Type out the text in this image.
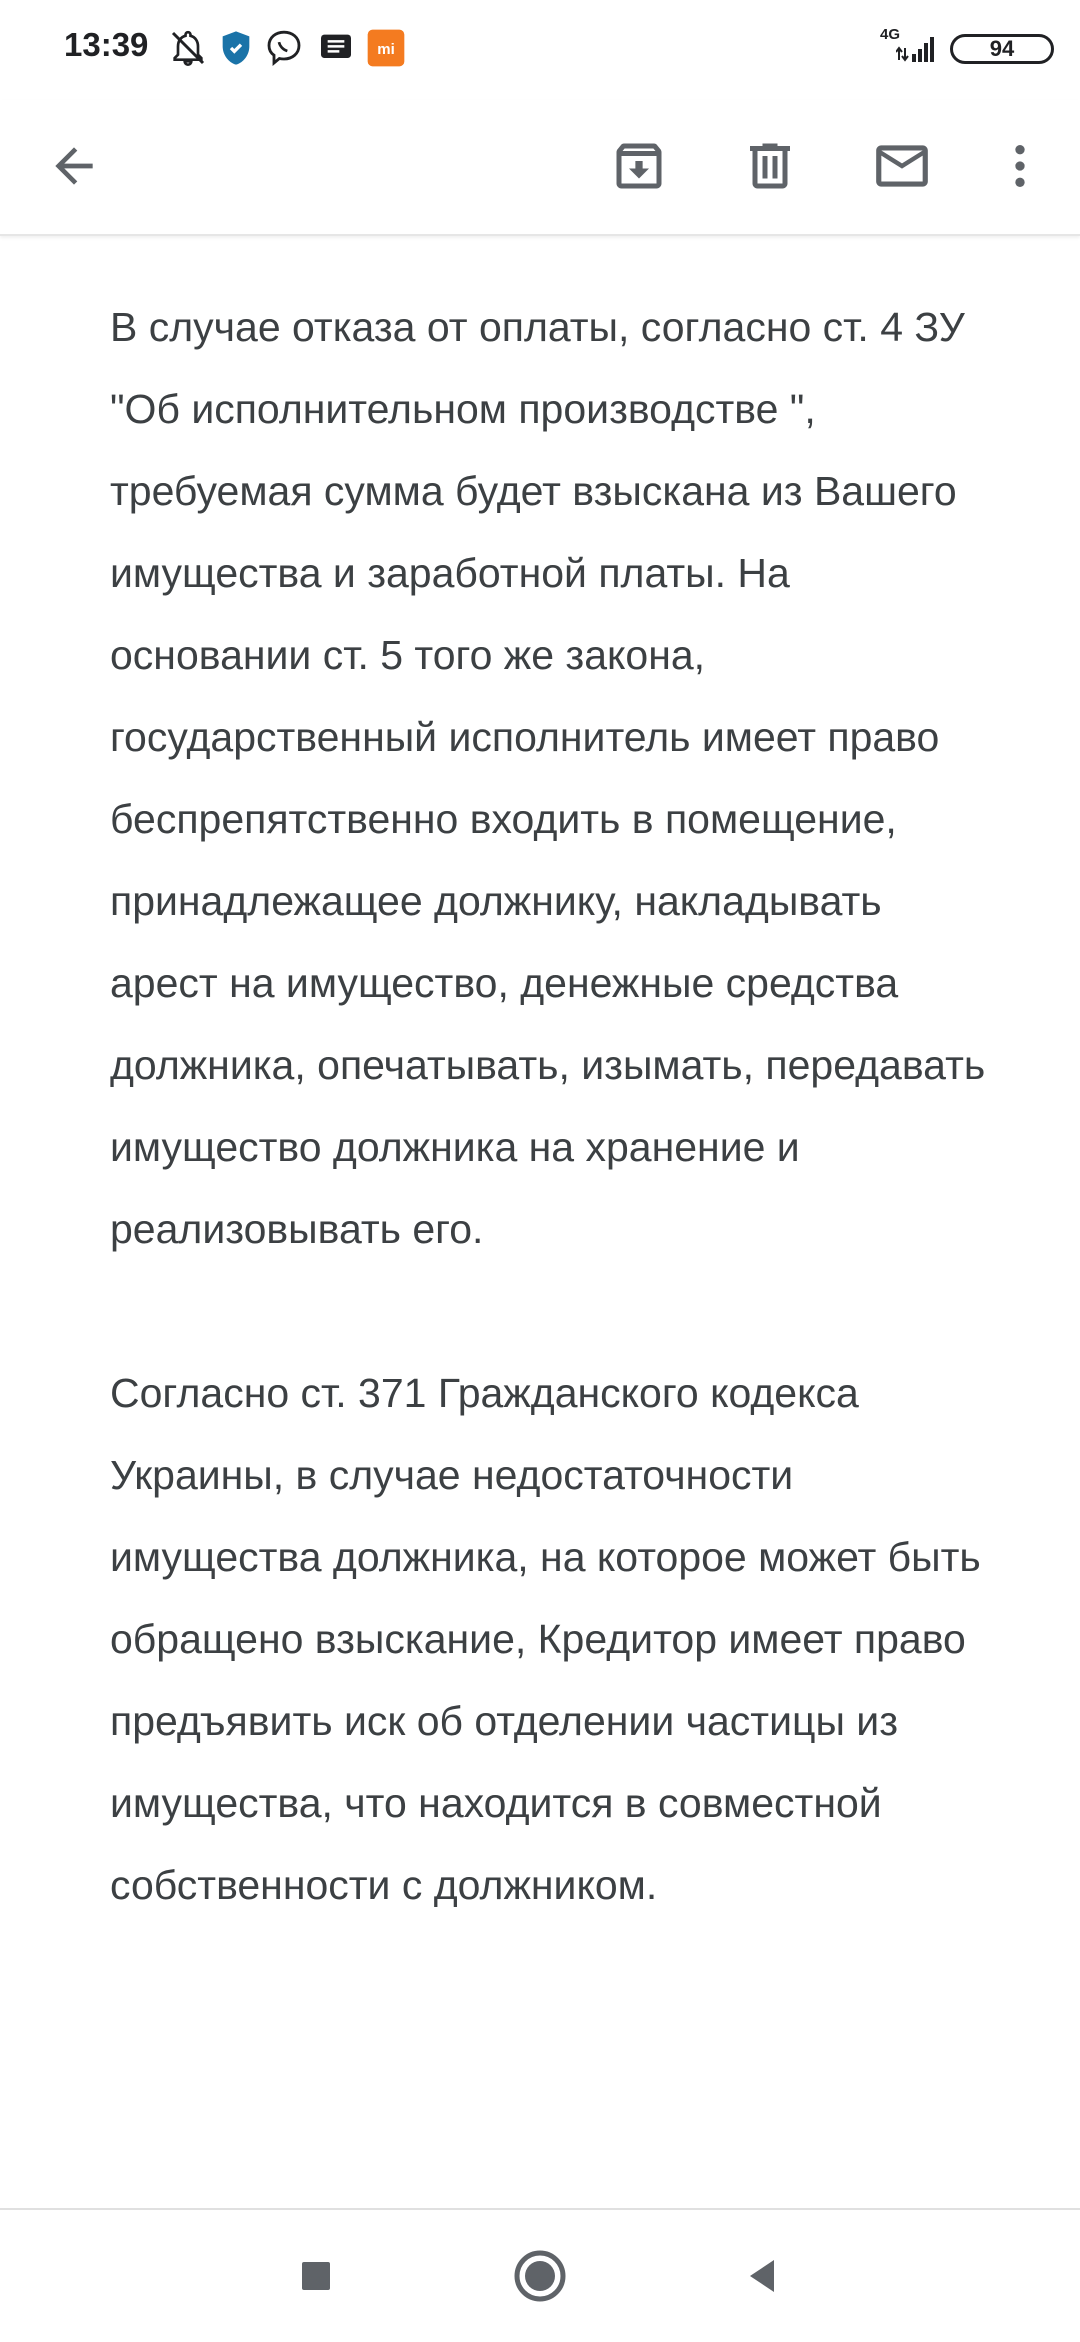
13:39	mi
4G
94

В случае отказа от оплаты, согласно ст. 4 ЗУ "Об исполнительном производстве ", требуемая сумма будет взыскана из Вашего имущества и заработной платы. На основании ст. 5 того же закона, государственный исполнитель имеет право беспрепятственно входить в помещение, принадлежащее должнику, накладывать арест на имущество, денежные средства должника, опечатывать, изымать, передавать имущество должника на хранение и реализовывать его.

Согласно ст. 371 Гражданского кодекса Украины, в случае недостаточности имущества должника, на которое может быть обращено взыскание, Кредитор имеет право предъявить иск об отделении частицы из имущества, что находится в совместной собственности с должником.
